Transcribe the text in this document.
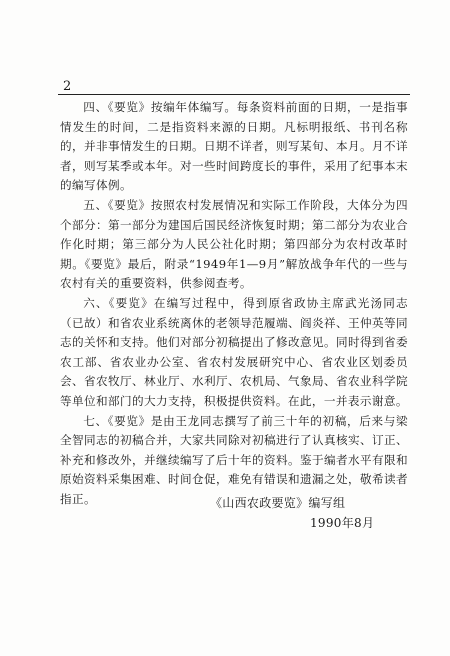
2

四、《要览》按编年体编写。每条资料前面的日期，一是指事情发生的时间，二是指资料来源的日期。凡标明报纸、书刊名称的，并非事情发生的日期。日期不详者，则写某旬、本月。月不详者，则写某季或本年。对一些时间跨度长的事件，采用了纪事本末的编写体例。

五、《要览》按照农村发展情况和实际工作阶段，大体分为四个部分：第一部分为建国后国民经济恢复时期；第二部分为农业合作化时期；第三部分为人民公社化时期；第四部分为农村改革时期。《要览》最后，附录“1949年1—9月”解放战争年代的一些与农村有关的重要资料，供参阅查考。

六、《要览》在编写过程中，得到原省政协主席武光汤同志（已故）和省农业系统离休的老领导范履端、阎炎祥、王仲英等同志的关怀和支持。他们对部分初稿提出了修改意见。同时得到省委农工部、省农业办公室、省农村发展研究中心、省农业区划委员会、省农牧厅、林业厅、水利厅、农机局、气象局、省农业科学院等单位和部门的大力支持，积极提供资料。在此，一并表示谢意。

七、《要览》是由王龙同志撰写了前三十年的初稿，后来与梁全智同志的初稿合并，大家共同除对初稿进行了认真核实、订正、补充和修改外，并继续编写了后十年的资料。鉴于编者水平有限和原始资料采集困难、时间仓促，难免有错误和遗漏之处，敬希读者指正。	《山西农政要览》编写组
1990年8月
